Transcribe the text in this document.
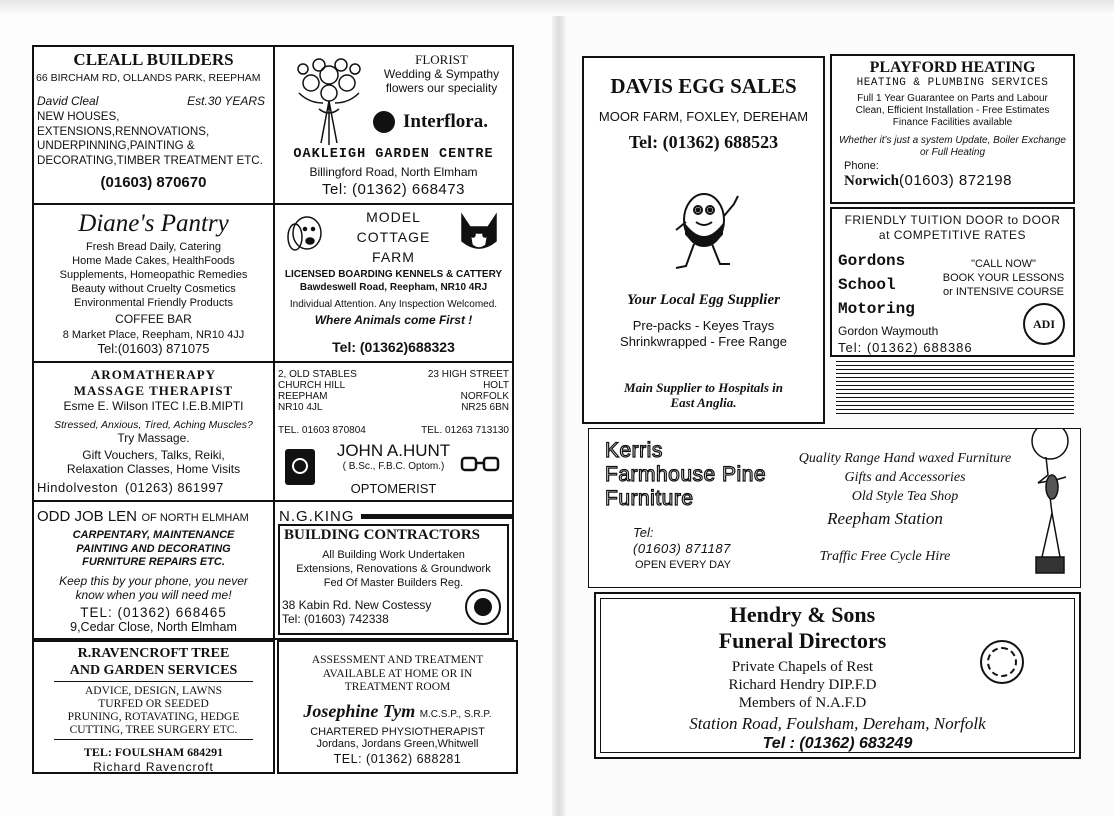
CLEALL BUILDERS
66 BIRCHAM RD, OLLANDS PARK, REEPHAM
David Cleal	Est.30 YEARS
NEW HOUSES,
EXTENSIONS,RENNOVATIONS,
UNDERPINNING,PAINTING &
DECORATING,TIMBER TREATMENT ETC.
(01603) 870670
FLORIST
Wedding & Sympathy
flowers our speciality
Interflora.
OAKLEIGH GARDEN CENTRE
Billingford Road, North Elmham
Tel: (01362) 668473
Diane's Pantry
Fresh Bread Daily, Catering
Home Made Cakes, HealthFoods
Supplements, Homeopathic Remedies
Beauty without Cruelty Cosmetics
Environmental Friendly Products
COFFEE BAR
8 Market Place, Reepham, NR10 4JJ
Tel:(01603) 871075
MODEL
COTTAGE
FARM
LICENSED BOARDING KENNELS & CATTERY
Bawdeswell Road, Reepham, NR10 4RJ
Individual Attention. Any Inspection Welcomed.
Where Animals come First !
Tel: (01362)688323
AROMATHERAPY
MASSAGE THERAPIST
Esme E. Wilson ITEC I.E.B.MIPTI
Stressed, Anxious, Tired, Aching Muscles?
Try Massage.
Gift Vouchers, Talks, Reiki,
Relaxation Classes, Home Visits
Hindolveston (01263) 861997
2, OLD STABLES
CHURCH HILL
REEPHAM
NR10 4JL
23 HIGH STREET
HOLT
NORFOLK
NR25 6BN
TEL. 01603 870804	TEL. 01263 713130
JOHN A.HUNT
( B.Sc., F.B.C. Optom.)
OPTOMERIST
ODD JOB LEN OF NORTH ELMHAM
CARPENTARY, MAINTENANCE
PAINTING AND DECORATING
FURNITURE REPAIRS ETC.
Keep this by your phone, you never
know when you will need me!
TEL: (01362) 668465
9,Cedar Close, North Elmham
N.G.KING
BUILDING CONTRACTORS
All Building Work Undertaken
Extensions, Renovations & Groundwork
Fed Of Master Builders Reg.
38 Kabin Rd. New Costessy
Tel: (01603) 742338
R.RAVENCROFT TREE
AND GARDEN SERVICES
ADVICE, DESIGN, LAWNS
TURFED OR SEEDED
PRUNING, ROTAVATING, HEDGE
CUTTING, TREE SURGERY ETC.
TEL: FOULSHAM 684291
Richard Ravencroft
ASSESSMENT AND TREATMENT
AVAILABLE AT HOME OR IN
TREATMENT ROOM
Josephine Tym M.C.S.P., S.R.P.
CHARTERED PHYSIOTHERAPIST
Jordans, Jordans Green,Whitwell
TEL: (01362) 688281
DAVIS EGG SALES
MOOR FARM, FOXLEY, DEREHAM
Tel: (01362) 688523
Your Local Egg Supplier
Pre-packs - Keyes Trays
Shrinkwrapped - Free Range
Main Supplier to Hospitals in
East Anglia.
PLAYFORD HEATING
HEATING & PLUMBING SERVICES
Full 1 Year Guarantee on Parts and Labour
Clean, Efficient Installation - Free Estimates
Finance Facilities available
Whether it's just a system Update, Boiler Exchange
or Full Heating
Phone:
Norwich(01603) 872198
FRIENDLY TUITION DOOR to DOOR
at COMPETITIVE RATES
Gordons
School
Motoring
"CALL NOW"
BOOK YOUR LESSONS
or INTENSIVE COURSE
Gordon Waymouth
Tel: (01362) 688386
ADI
Kerris
Farmhouse Pine
Furniture
Tel:
(01603) 871187
OPEN EVERY DAY
Quality Range Hand waxed Furniture
Gifts and Accessories
Old Style Tea Shop
Reepham Station
Traffic Free Cycle Hire
Hendry & Sons
Funeral Directors
Private Chapels of Rest
Richard Hendry DIP.F.D
Members of N.A.F.D
Station Road, Foulsham, Dereham, Norfolk
Tel : (01362) 683249
